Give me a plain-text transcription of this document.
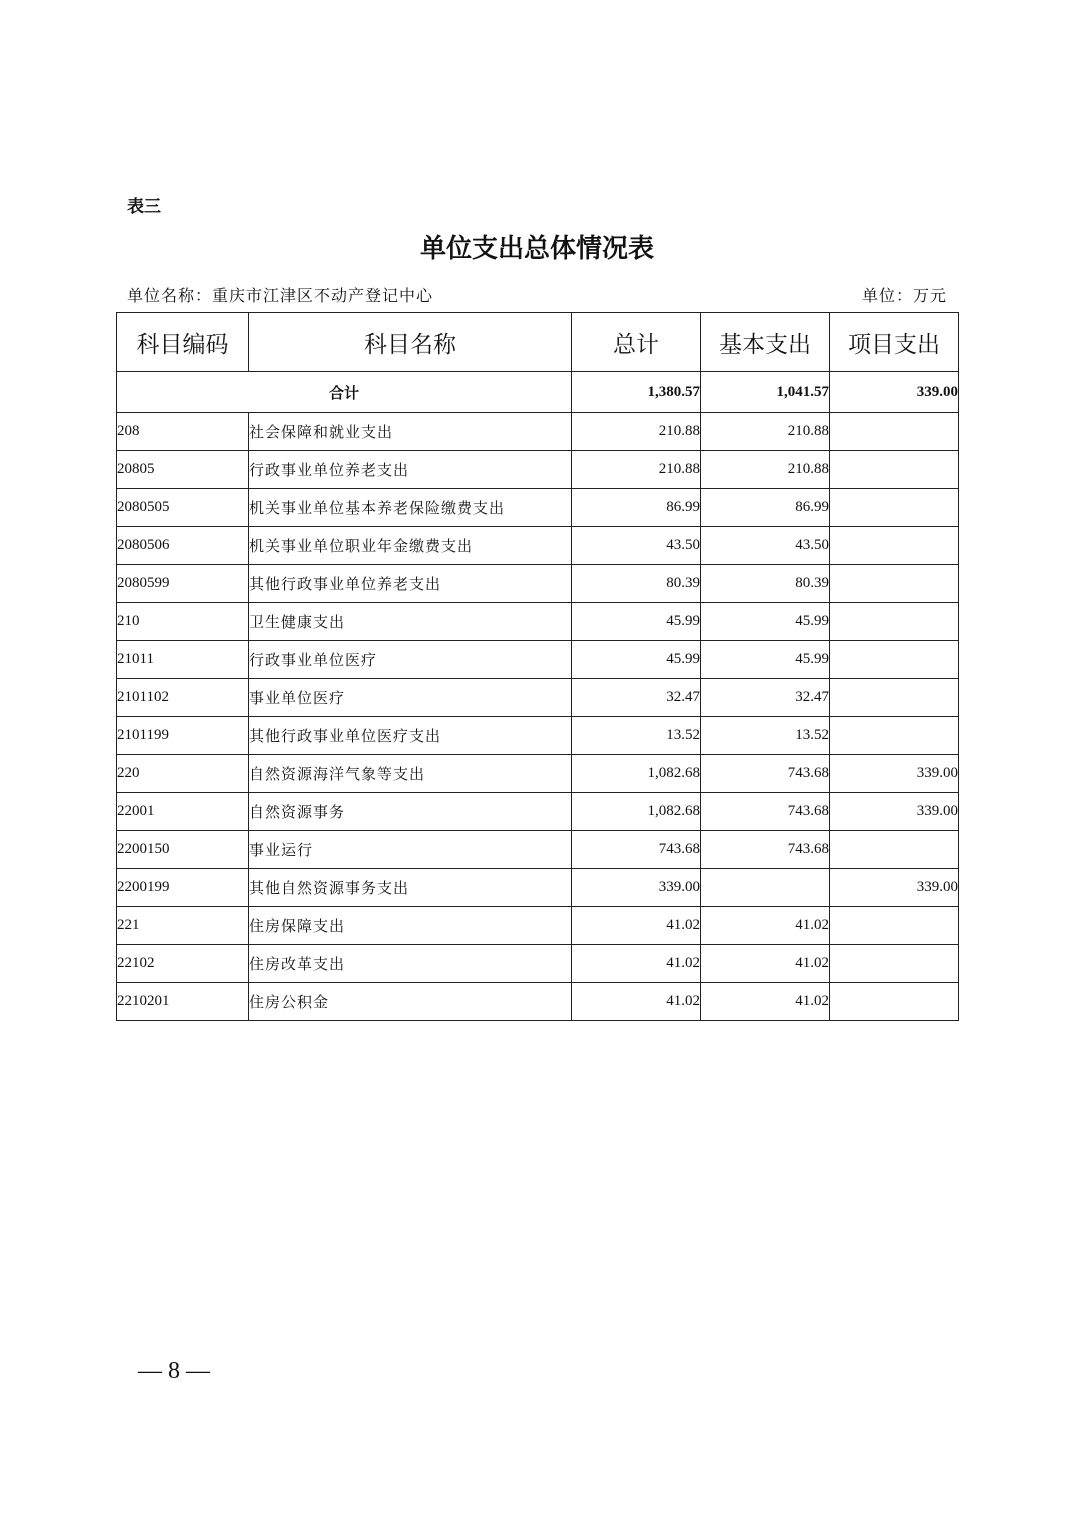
表三
单位支出总体情况表
单位名称：重庆市江津区不动产登记中心	单位：万元
科目编码	科目名称	总计	基本支出	项目支出
合计		1,380.57	1,041.57	339.00
208	社会保障和就业支出	210.88	210.88	
20805	行政事业单位养老支出	210.88	210.88	
2080505	机关事业单位基本养老保险缴费支出	86.99	86.99	
2080506	机关事业单位职业年金缴费支出	43.50	43.50	
2080599	其他行政事业单位养老支出	80.39	80.39	
210	卫生健康支出	45.99	45.99	
21011	行政事业单位医疗	45.99	45.99	
2101102	事业单位医疗	32.47	32.47	
2101199	其他行政事业单位医疗支出	13.52	13.52	
220	自然资源海洋气象等支出	1,082.68	743.68	339.00
22001	自然资源事务	1,082.68	743.68	339.00
2200150	事业运行	743.68	743.68	
2200199	其他自然资源事务支出	339.00		339.00
221	住房保障支出	41.02	41.02	
22102	住房改革支出	41.02	41.02	
2210201	住房公积金	41.02	41.02	
— 8 —
